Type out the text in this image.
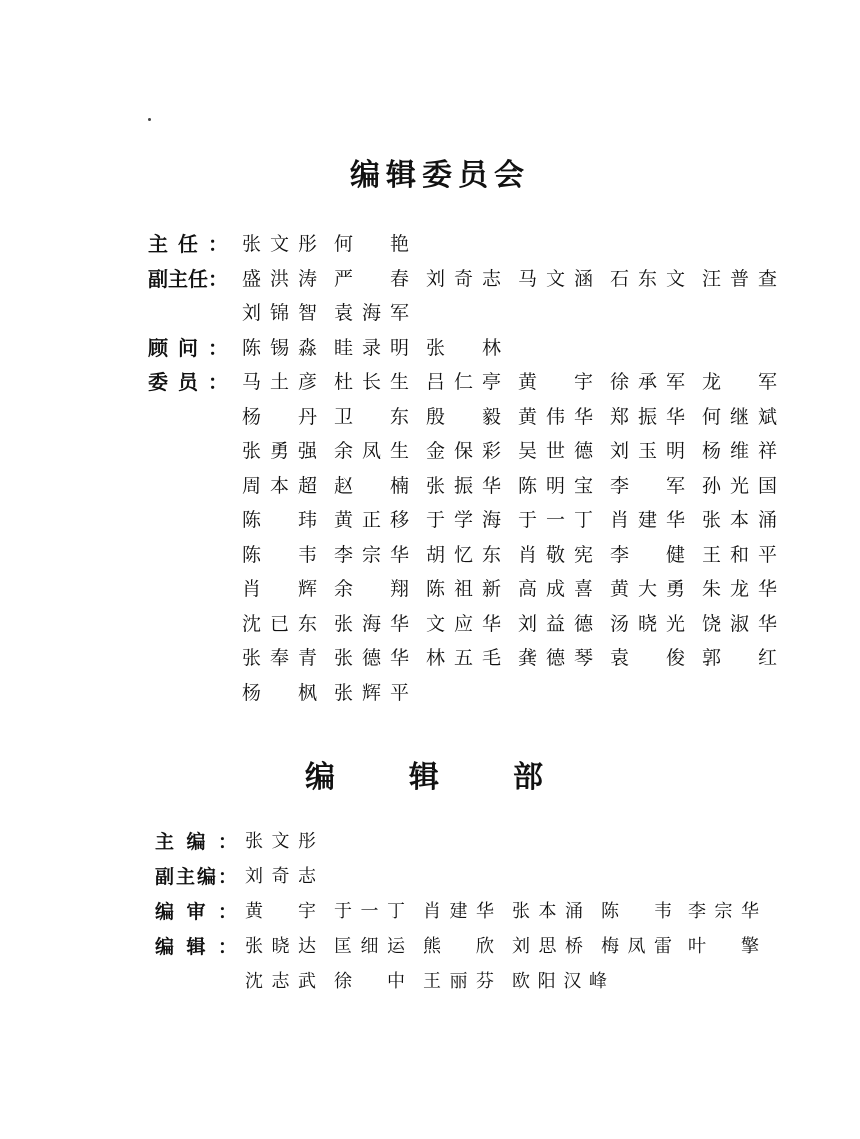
编辑委员会
主 任 ： 张 文 彤 何 艳
副 主 任 ： 盛 洪 涛 严 春 刘 奇 志 马 文 涵 石 东 文 汪 普 查
刘 锦 智 袁 海 军
顾 问 ： 陈 锡 淼 眭 录 明 张 林
委 员 ： 马 土 彦 杜 长 生 吕 仁 亭 黄 宇 徐 承 军 龙 军
杨 丹 卫 东 殷 毅 黄 伟 华 郑 振 华 何 继 斌
张 勇 强 余 凤 生 金 保 彩 吴 世 德 刘 玉 明 杨 维 祥
周 本 超 赵 楠 张 振 华 陈 明 宝 李 军 孙 光 国
陈 玮 黄 正 移 于 学 海 于 一 丁 肖 建 华 张 本 涌
陈 韦 李 宗 华 胡 忆 东 肖 敬 宪 李 健 王 和 平
肖 辉 余 翔 陈 祖 新 高 成 喜 黄 大 勇 朱 龙 华
沈 已 东 张 海 华 文 应 华 刘 益 德 汤 晓 光 饶 淑 华
张 奉 青 张 德 华 林 五 毛 龚 德 琴 袁 俊 郭 红
杨 枫 张 辉 平
编　辑　部
主 编 ： 张 文 彤
副 主 编 ： 刘 奇 志
编 审 ： 黄 宇 于 一 丁 肖 建 华 张 本 涌 陈 韦 李 宗 华
编 辑 ： 张 晓 达 匡 细 运 熊 欣 刘 思 桥 梅 凤 雷 叶 擎
沈 志 武 徐 中 王 丽 芬 欧 阳 汉 峰
